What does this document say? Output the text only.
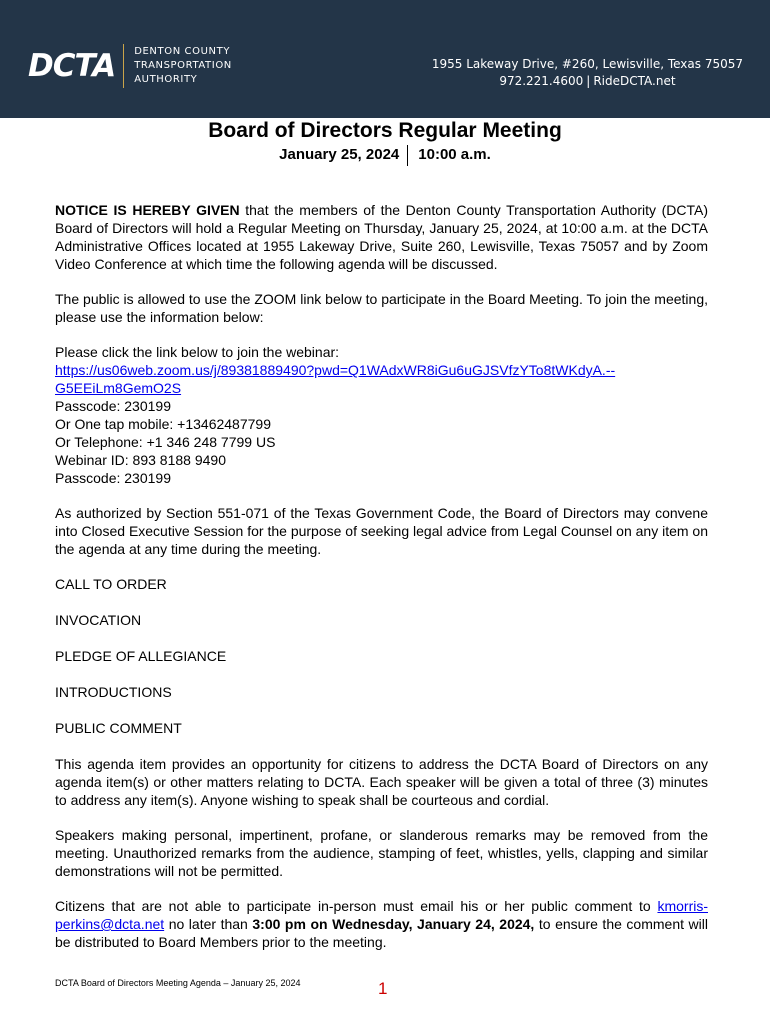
DCTA DENTON COUNTY
TRANSPORTATION
AUTHORITY
1955 Lakeway Drive, #260, Lewisville, Texas 75057
972.221.4600 | RideDCTA.net
Board of Directors Regular Meeting
January 25, 2024 10:00 a.m.

NOTICE IS HEREBY GIVEN that the members of the Denton County Transportation Authority (DCTA) Board of Directors will hold a Regular Meeting on Thursday, January 25, 2024, at 10:00 a.m. at the DCTA Administrative Offices located at 1955 Lakeway Drive, Suite 260, Lewisville, Texas 75057 and by Zoom Video Conference at which time the following agenda will be discussed.

The public is allowed to use the ZOOM link below to participate in the Board Meeting. To join the meeting, please use the information below:

Please click the link below to join the webinar:
https://us06web.zoom.us/j/89381889490?pwd=Q1WAdxWR8iGu6uGJSVfzYTo8tWKdyA.--
G5EEiLm8GemO2S
Passcode: 230199
Or One tap mobile: +13462487799
Or Telephone: +1 346 248 7799 US
Webinar ID: 893 8188 9490
Passcode: 230199

As authorized by Section 551-071 of the Texas Government Code, the Board of Directors may convene into Closed Executive Session for the purpose of seeking legal advice from Legal Counsel on any item on the agenda at any time during the meeting.

CALL TO ORDER

INVOCATION

PLEDGE OF ALLEGIANCE

INTRODUCTIONS

PUBLIC COMMENT

This agenda item provides an opportunity for citizens to address the DCTA Board of Directors on any agenda item(s) or other matters relating to DCTA. Each speaker will be given a total of three (3) minutes to address any item(s). Anyone wishing to speak shall be courteous and cordial.

Speakers making personal, impertinent, profane, or slanderous remarks may be removed from the meeting. Unauthorized remarks from the audience, stamping of feet, whistles, yells, clapping and similar demonstrations will not be permitted.

Citizens that are not able to participate in-person must email his or her public comment to kmorris-perkins@dcta.net no later than 3:00 pm on Wednesday, January 24, 2024, to ensure the comment will be distributed to Board Members prior to the meeting.

DCTA Board of Directors Meeting Agenda – January 25, 2024	1
